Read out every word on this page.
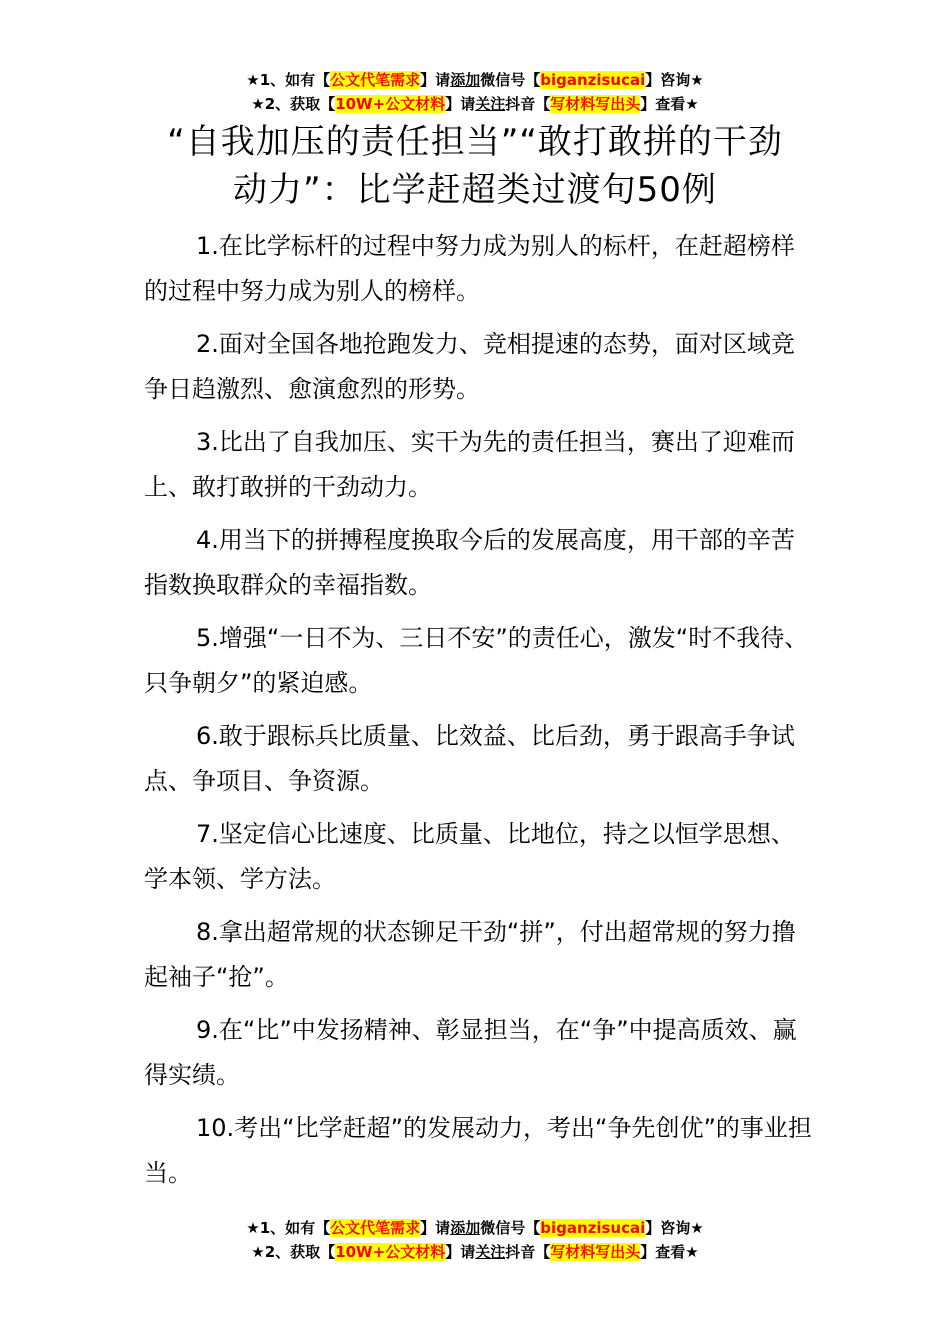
★1、如有【公文代笔需求】请添加微信号【biganzisucai】咨询★
★2、获取【10W+公文材料】请关注抖音【写材料写出头】查看★
“自我加压的责任担当”“敢打敢拼的干劲
动力”：比学赶超类过渡句50例

1.在比学标杆的过程中努力成为别人的标杆，在赶超榜样的过程中努力成为别人的榜样。

2.面对全国各地抢跑发力、竞相提速的态势，面对区域竞争日趋激烈、愈演愈烈的形势。

3.比出了自我加压、实干为先的责任担当，赛出了迎难而上、敢打敢拼的干劲动力。

4.用当下的拼搏程度换取今后的发展高度，用干部的辛苦指数换取群众的幸福指数。

5.增强“一日不为、三日不安”的责任心，激发“时不我待、只争朝夕”的紧迫感。

6.敢于跟标兵比质量、比效益、比后劲，勇于跟高手争试点、争项目、争资源。

7.坚定信心比速度、比质量、比地位，持之以恒学思想、学本领、学方法。

8.拿出超常规的状态铆足干劲“拼”，付出超常规的努力撸起袖子“抢”。

9.在“比”中发扬精神、彰显担当，在“争”中提高质效、赢得实绩。

10.考出“比学赶超”的发展动力，考出“争先创优”的事业担当。

★1、如有【公文代笔需求】请添加微信号【biganzisucai】咨询★
★2、获取【10W+公文材料】请关注抖音【写材料写出头】查看★
